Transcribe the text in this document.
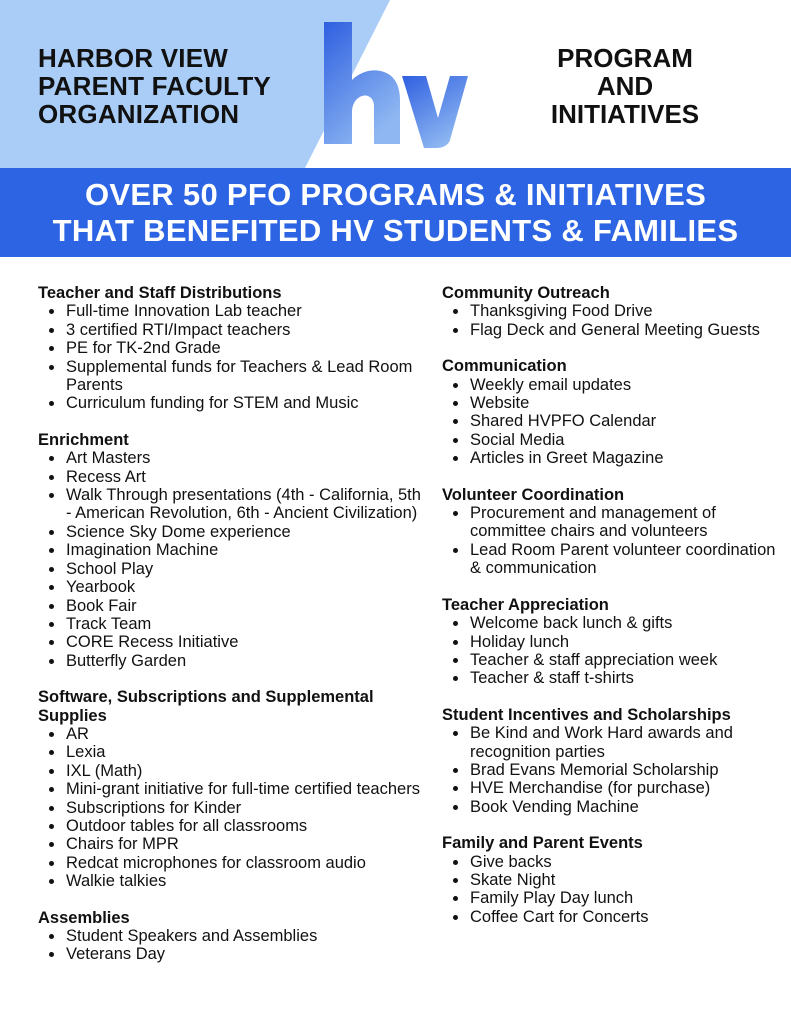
HARBOR VIEW
PARENT FACULTY
ORGANIZATION
PROGRAM
AND
INITIATIVES
OVER 50 PFO PROGRAMS & INITIATIVES
THAT BENEFITED HV STUDENTS & FAMILIES
Teacher and Staff Distributions
Full-time Innovation Lab teacher
3 certified RTI/Impact teachers
PE for TK-2nd Grade
Supplemental funds for Teachers & Lead Room Parents
Curriculum funding for STEM and Music
Enrichment
Art Masters
Recess Art
Walk Through presentations (4th - California, 5th - American Revolution, 6th - Ancient Civilization)
Science Sky Dome experience
Imagination Machine
School Play
Yearbook
Book Fair
Track Team
CORE Recess Initiative
Butterfly Garden
Software, Subscriptions and Supplemental Supplies
AR
Lexia
IXL (Math)
Mini-grant initiative for full-time certified teachers
Subscriptions for Kinder
Outdoor tables for all classrooms
Chairs for MPR
Redcat microphones for classroom audio
Walkie talkies
Assemblies
Student Speakers and Assemblies
Veterans Day
Community Outreach
Thanksgiving Food Drive
Flag Deck and General Meeting Guests
Communication
Weekly email updates
Website
Shared HVPFO Calendar
Social Media
Articles in Greet Magazine
Volunteer Coordination
Procurement and management of committee chairs and volunteers
Lead Room Parent volunteer coordination & communication
Teacher Appreciation
Welcome back lunch & gifts
Holiday lunch
Teacher & staff appreciation week
Teacher & staff t-shirts
Student Incentives and Scholarships
Be Kind and Work Hard awards and recognition parties
Brad Evans Memorial Scholarship
HVE Merchandise (for purchase)
Book Vending Machine
Family and Parent Events
Give backs
Skate Night
Family Play Day lunch
Coffee Cart for Concerts
